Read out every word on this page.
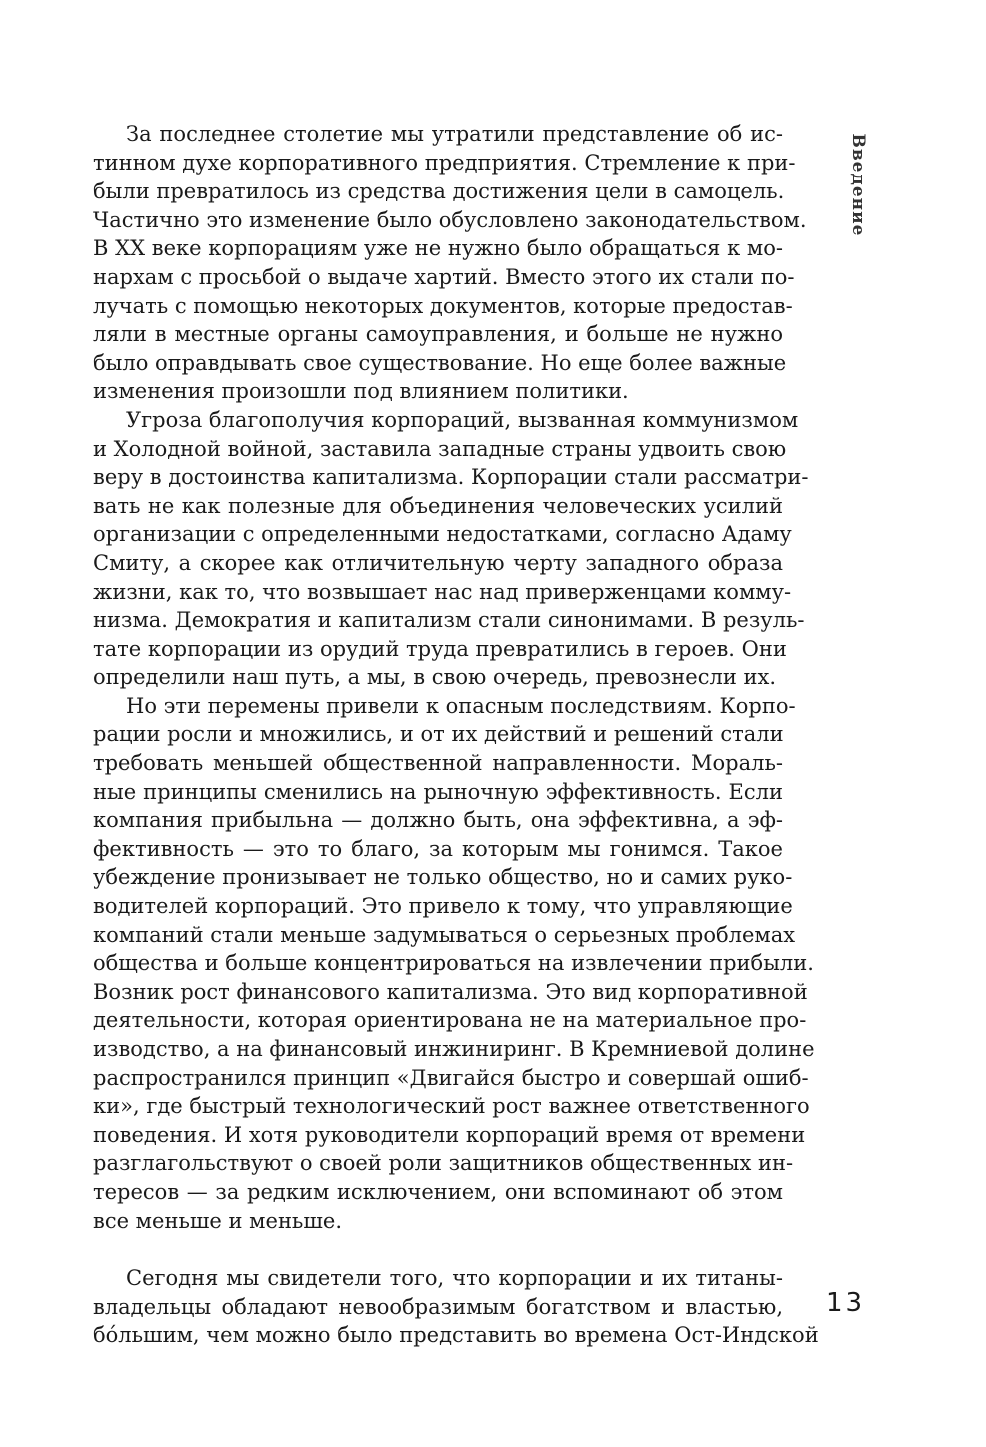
Введение
За последнее столетие мы утратили представление об ис-
тинном духе корпоративного предприятия. Стремление к при-
были превратилось из средства достижения цели в самоцель.
Частично это изменение было обусловлено законодательством.
В XX веке корпорациям уже не нужно было обращаться к мо-
нархам с просьбой о выдаче хартий. Вместо этого их стали по-
лучать с помощью некоторых документов, которые предостав-
ляли в местные органы самоуправления, и больше не нужно
было оправдывать свое существование. Но еще более важные
изменения произошли под влиянием политики.
Угроза благополучия корпораций, вызванная коммунизмом
и Холодной войной, заставила западные страны удвоить свою
веру в достоинства капитализма. Корпорации стали рассматри-
вать не как полезные для объединения человеческих усилий
организации с определенными недостатками, согласно Адаму
Смиту, а скорее как отличительную черту западного образа
жизни, как то, что возвышает нас над приверженцами комму-
низма. Демократия и капитализм стали синонимами. В резуль-
тате корпорации из орудий труда превратились в героев. Они
определили наш путь, а мы, в свою очередь, превознесли их.
Но эти перемены привели к опасным последствиям. Корпо-
рации росли и множились, и от их действий и решений стали
требовать меньшей общественной направленности. Мораль-
ные принципы сменились на рыночную эффективность. Если
компания прибыльна — должно быть, она эффективна, а эф-
фективность — это то благо, за которым мы гонимся. Такое
убеждение пронизывает не только общество, но и самих руко-
водителей корпораций. Это привело к тому, что управляющие
компаний стали меньше задумываться о серьезных проблемах
общества и больше концентрироваться на извлечении прибыли.
Возник рост финансового капитализма. Это вид корпоративной
деятельности, которая ориентирована не на материальное про-
изводство, а на финансовый инжиниринг. В Кремниевой долине
распространился принцип «Двигайся быстро и совершай ошиб-
ки», где быстрый технологический рост важнее ответственного
поведения. И хотя руководители корпораций время от времени
разглагольствуют о своей роли защитников общественных ин-
тересов — за редким исключением, они вспоминают об этом
все меньше и меньше.
Сегодня мы свидетели того, что корпорации и их титаны-
владельцы обладают невообразимым богатством и властью,
бóльшим, чем можно было представить во времена Ост-Индской
13
